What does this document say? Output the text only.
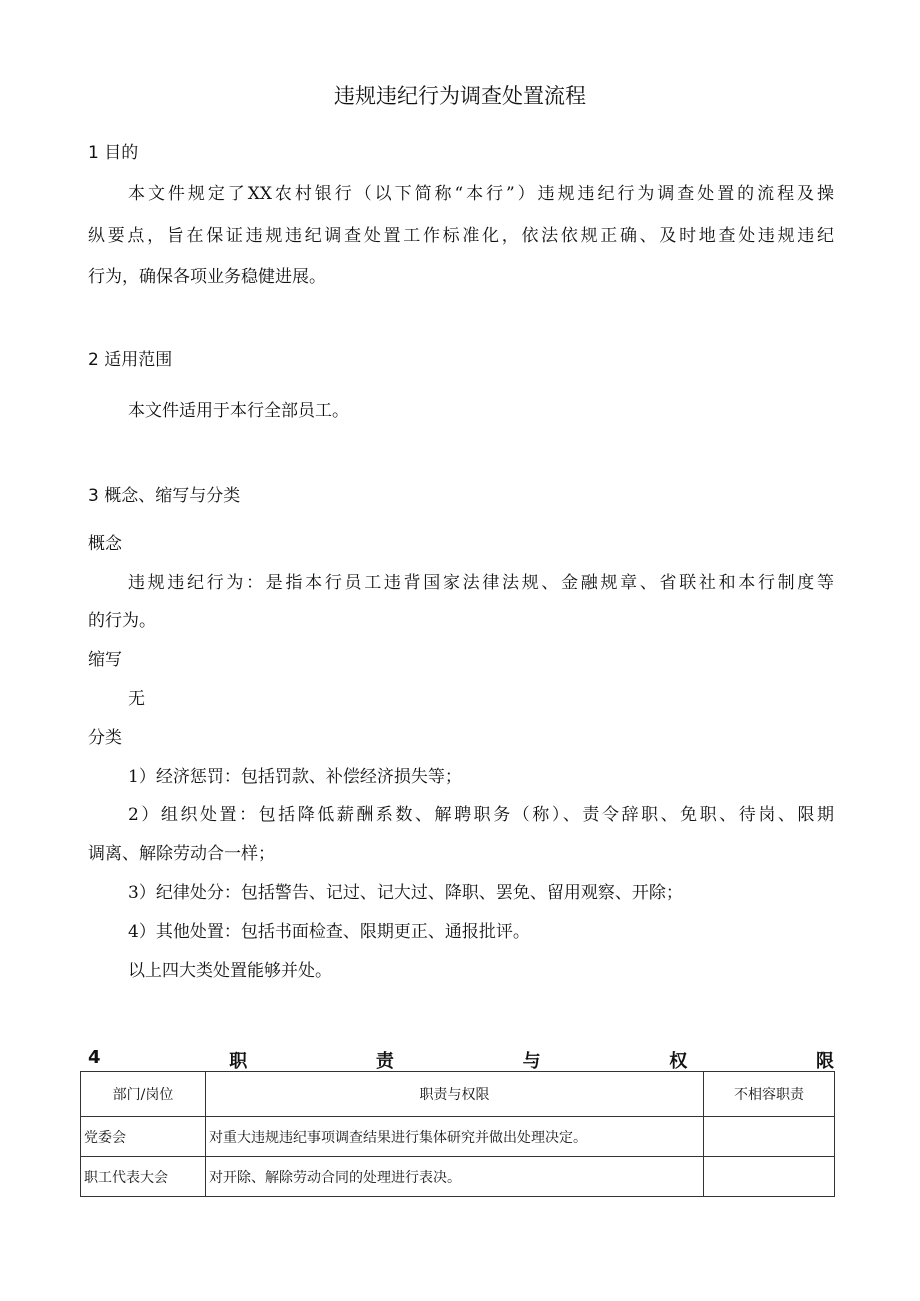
违规违纪行为调查处置流程
1 目的
本文件规定了XX农村银行（以下简称“本行”）违规违纪行为调查处置的流程及操
纵要点，旨在保证违规违纪调查处置工作标准化，依法依规正确、及时地查处违规违纪
行为，确保各项业务稳健进展。
2 适用范围
本文件适用于本行全部员工。
3 概念、缩写与分类
概念
违规违纪行为：是指本行员工违背国家法律法规、金融规章、省联社和本行制度等
的行为。
缩写
无
分类
1）经济惩罚：包括罚款、补偿经济损失等；
2）组织处置：包括降低薪酬系数、解聘职务（称）、责令辞职、免职、待岗、限期
调离、解除劳动合一样；
3）纪律处分：包括警告、记过、记大过、降职、罢免、留用观察、开除；
4）其他处置：包括书面检查、限期更正、通报批评。
以上四大类处置能够并处。
4	职	责	与	权	限
部门/岗位	职责与权限	不相容职责
党委会	对重大违规违纪事项调查结果进行集体研究并做出处理决定。	
职工代表大会	对开除、解除劳动合同的处理进行表决。	
